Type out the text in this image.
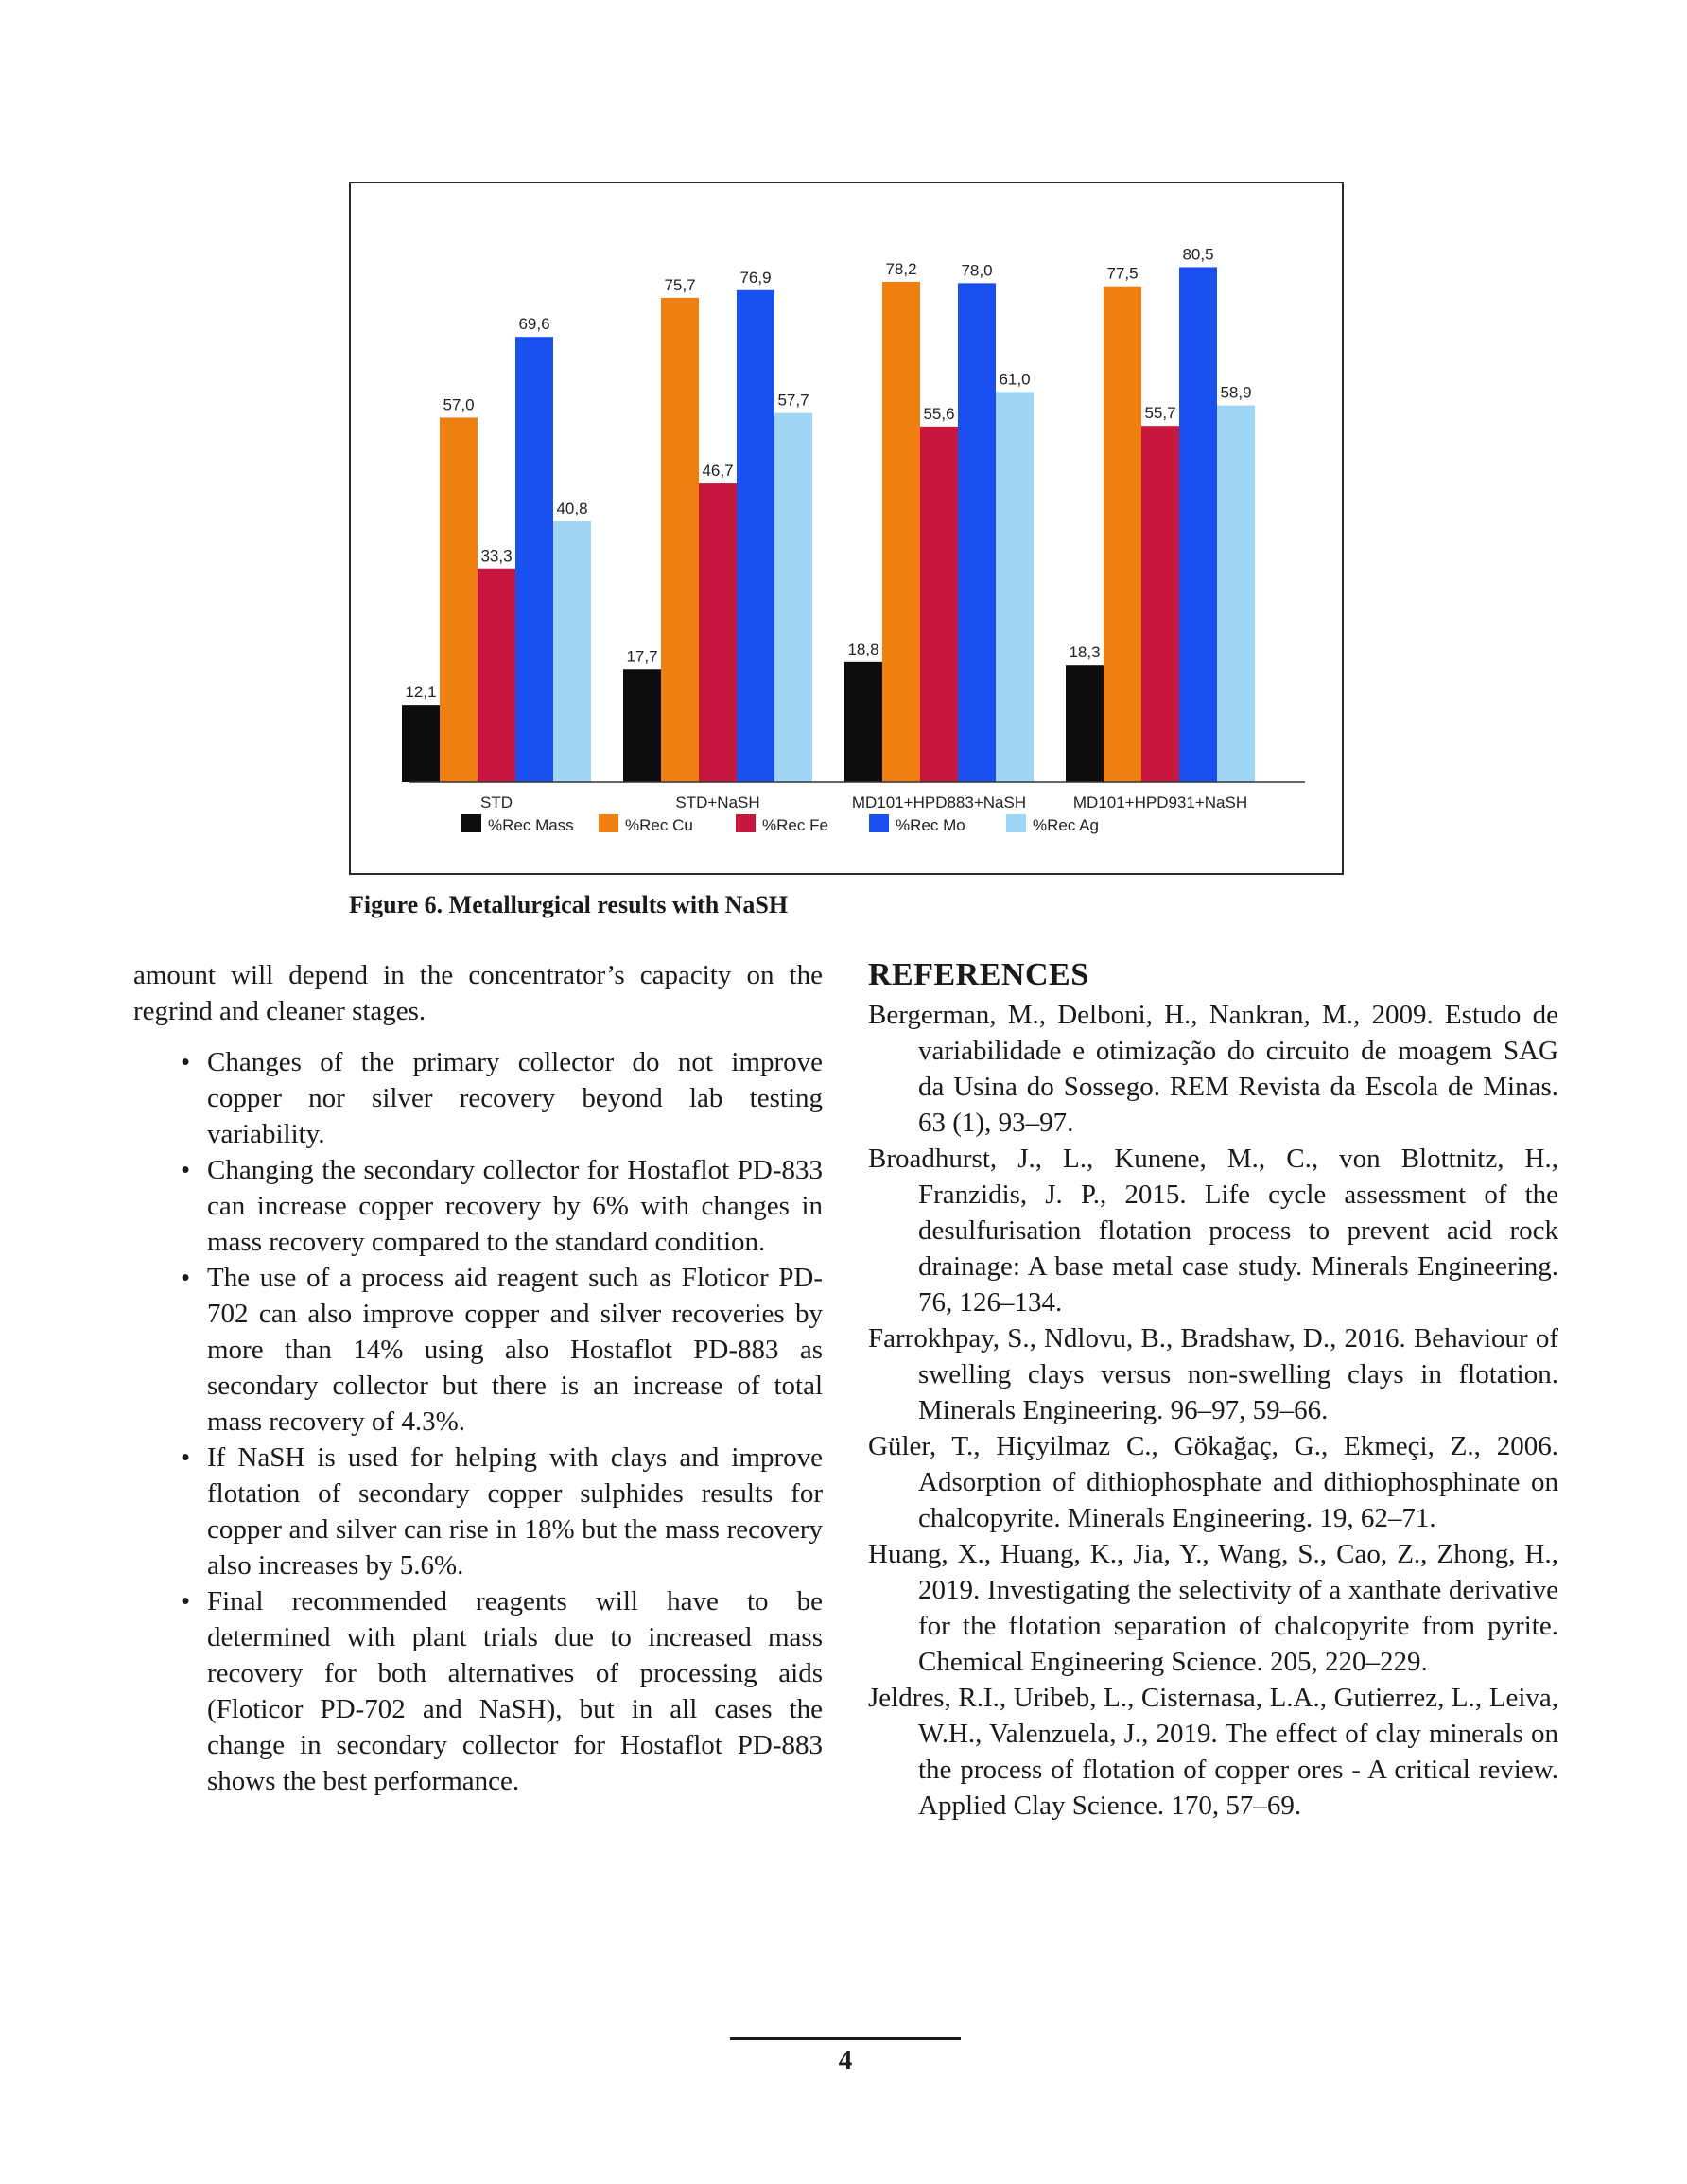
12,1
57,0
33,3
69,6
40,8
STD
17,7
75,7
46,7
76,9
57,7
STD+NaSH
18,8
78,2
55,6
78,0
61,0
MD101+HPD883+NaSH
18,3
77,5
55,7
80,5
58,9
MD101+HPD931+NaSH
%Rec Mass	%Rec Cu	%Rec Fe	%Rec Mo	%Rec Ag
Figure 6. Metallurgical results with NaSH

amount will depend in the concentrator’s capacity on the regrind and cleaner stages.

• Changes of the primary collector do not improve copper nor silver recovery beyond lab testing variability.
• Changing the secondary collector for Hostaflot PD-833 can increase copper recovery by 6% with changes in mass recovery compared to the standard condition.
• The use of a process aid reagent such as Floticor PD-702 can also improve copper and silver recoveries by more than 14% using also Hostaflot PD-883 as secondary collector but there is an increase of total mass recovery of 4.3%.
• If NaSH is used for helping with clays and improve flotation of secondary copper sulphides results for copper and silver can rise in 18% but the mass recovery also increases by 5.6%.
• Final recommended reagents will have to be determined with plant trials due to increased mass recovery for both alternatives of processing aids (Floticor PD-702 and NaSH), but in all cases the change in secondary collector for Hostaflot PD-883 shows the best performance.
REFERENCES

Bergerman, M., Delboni, H., Nankran, M., 2009. Estudo de variabilidade e otimização do circuito de moagem SAG da Usina do Sossego. REM Revista da Escola de Minas. 63 (1), 93–97.

Broadhurst, J., L., Kunene, M., C., von Blottnitz, H., Franzidis, J. P., 2015. Life cycle assessment of the desulfurisation flotation process to prevent acid rock drainage: A base metal case study. Minerals Engineering. 76, 126–134.

Farrokhpay, S., Ndlovu, B., Bradshaw, D., 2016. Behaviour of swelling clays versus non-swelling clays in flotation. Minerals Engineering. 96–97, 59–66.

Güler, T., Hiçyilmaz C., Gökağaç, G., Ekmeçi, Z., 2006. Adsorption of dithiophosphate and dithiophosphinate on chalcopyrite. Minerals Engineering. 19, 62–71.

Huang, X., Huang, K., Jia, Y., Wang, S., Cao, Z., Zhong, H., 2019. Investigating the selectivity of a xanthate derivative for the flotation separation of chalcopyrite from pyrite. Chemical Engineering Science. 205, 220–229.

Jeldres, R.I., Uribeb, L., Cisternasa, L.A., Gutierrez, L., Leiva, W.H., Valenzuela, J., 2019. The effect of clay minerals on the process of flotation of copper ores - A critical review. Applied Clay Science. 170, 57–69.

4
